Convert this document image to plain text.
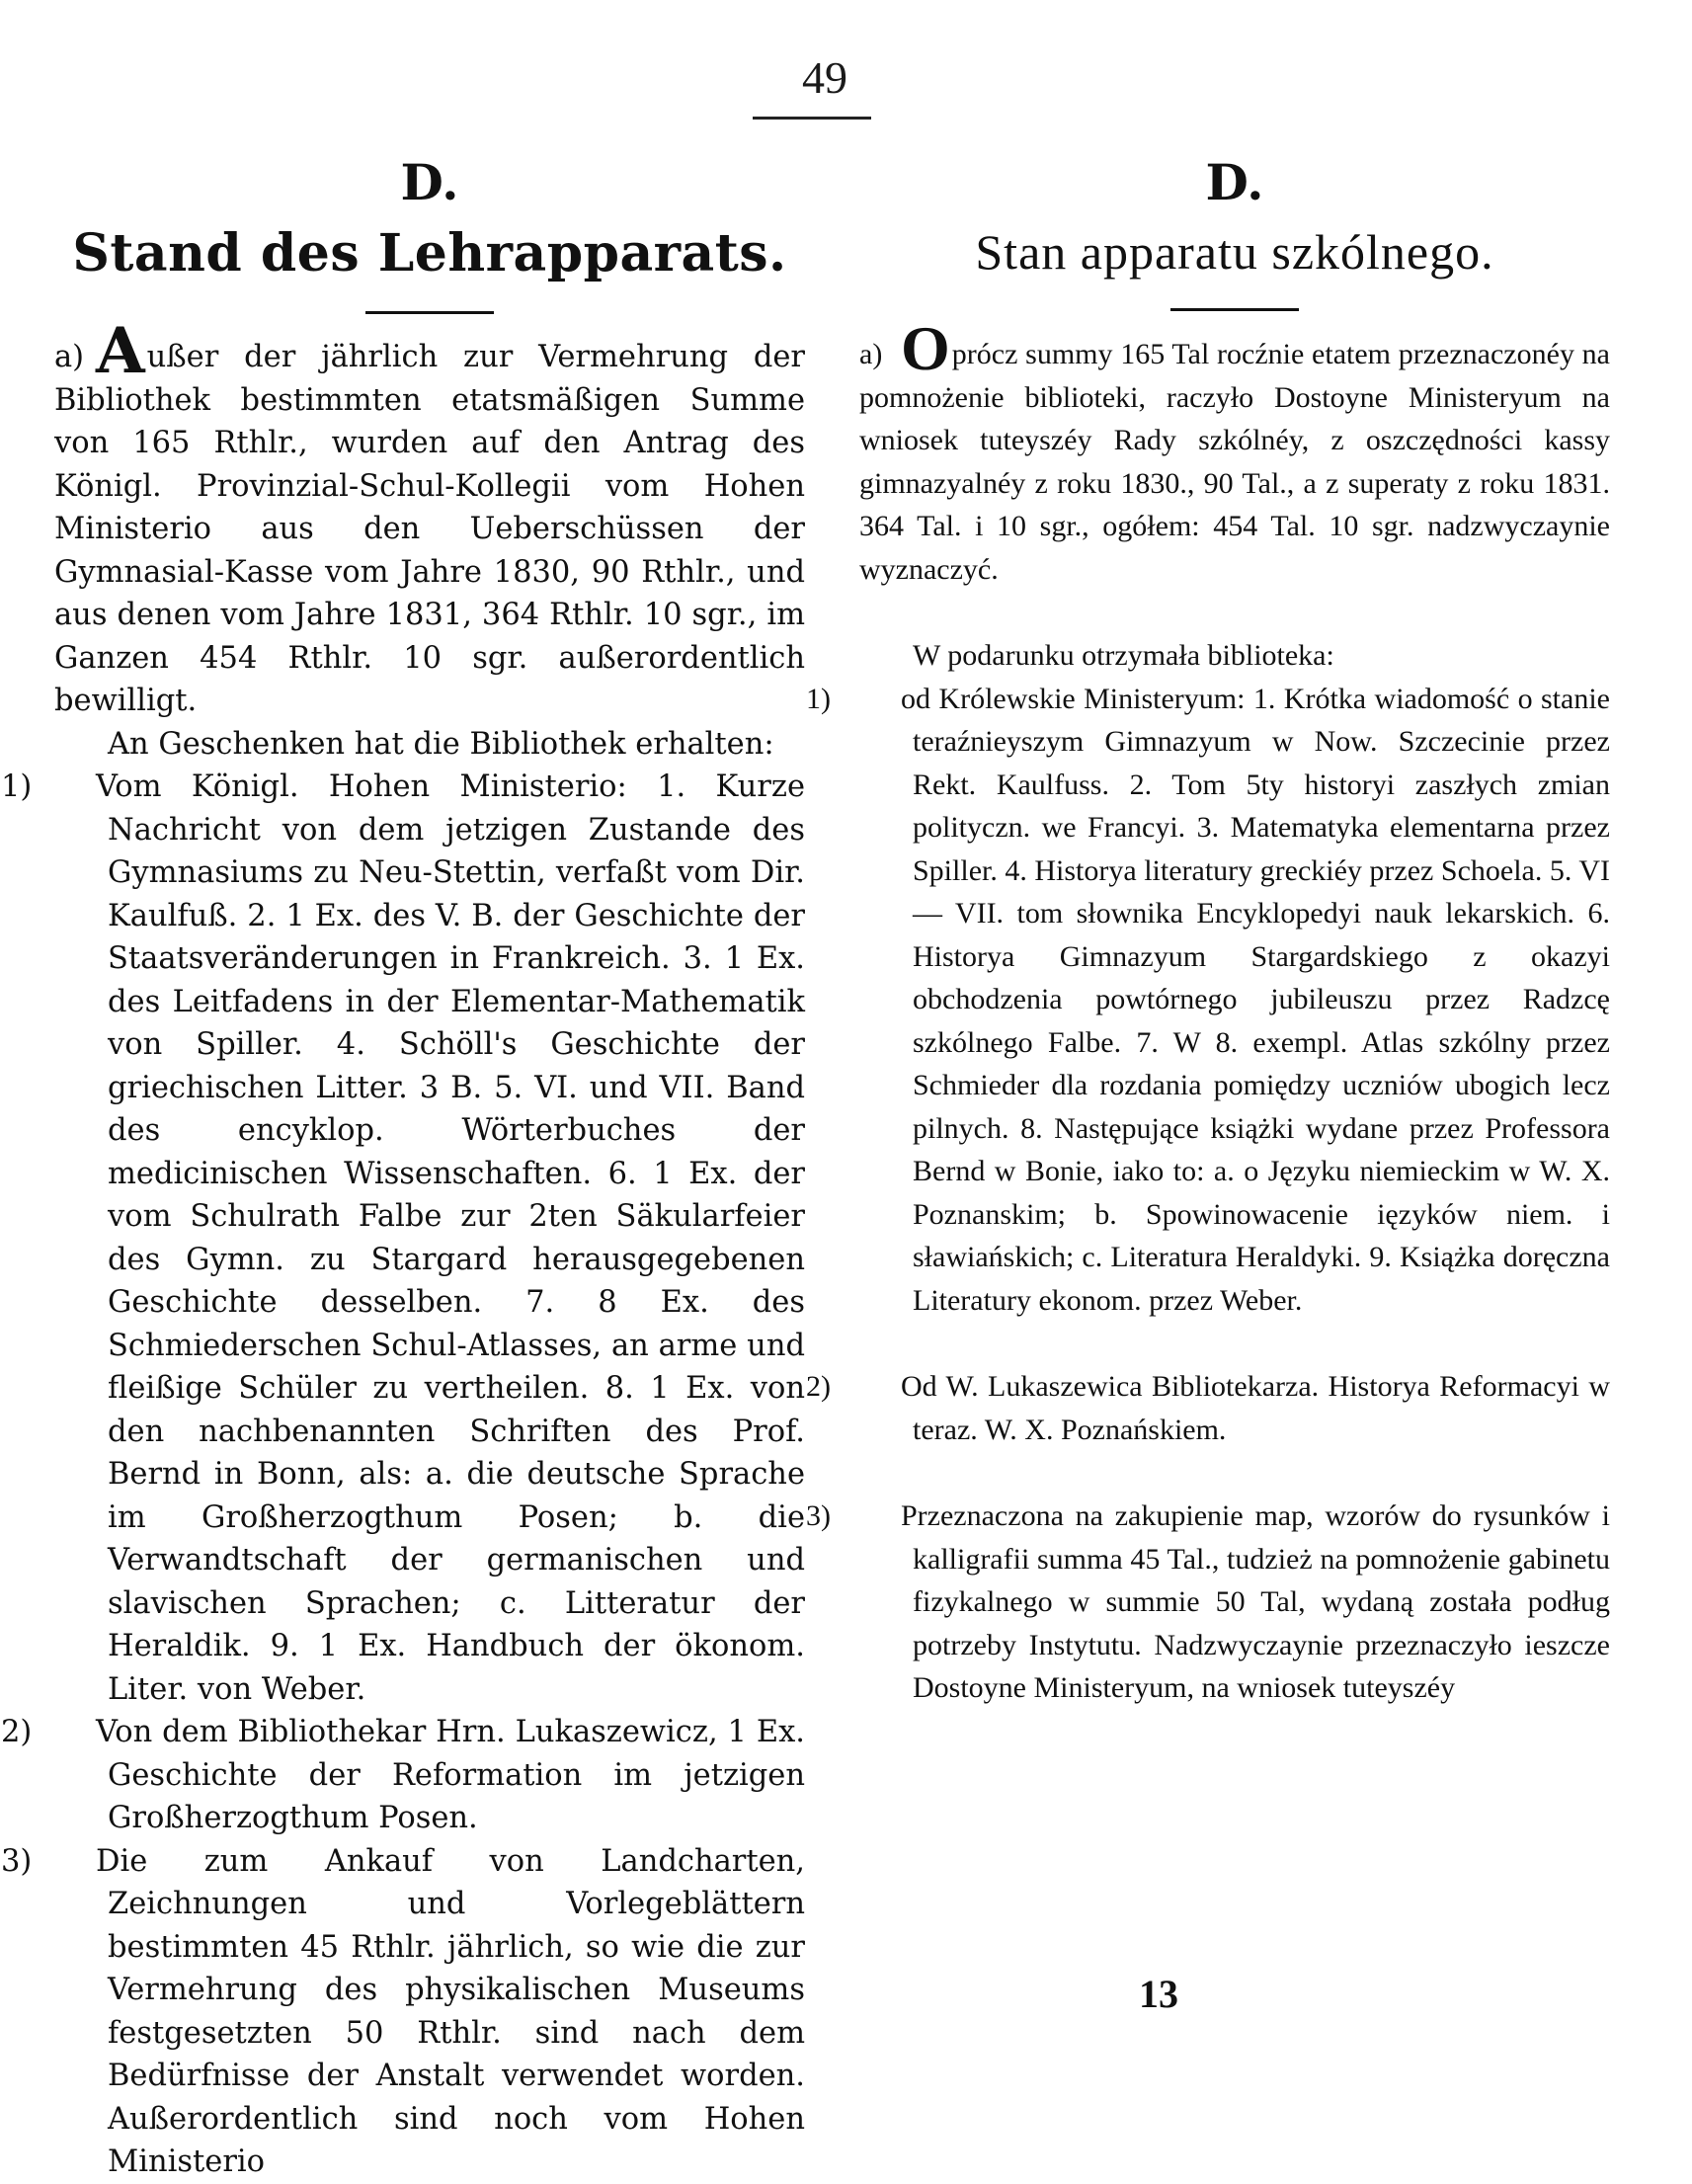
49
D.
Stand des Lehrapparats.

a) Außer der jährlich zur Vermehrung der Bibliothek bestimmten etatsmäßigen Summe von 165 Rthlr., wurden auf den Antrag des Königl. Provinzial-Schul-Kollegii vom Hohen Ministerio aus den Ueberschüssen der Gymnasial-Kasse vom Jahre 1830, 90 Rthlr., und aus denen vom Jahre 1831, 364 Rthlr. 10 sgr., im Ganzen 454 Rthlr. 10 sgr. außerordentlich bewilligt.

An Geschenken hat die Bibliothek erhalten:

1) Vom Königl. Hohen Ministerio: 1. Kurze Nachricht von dem jetzigen Zustande des Gymnasiums zu Neu-Stettin, verfaßt vom Dir. Kaulfuß. 2. 1 Ex. des V. B. der Geschichte der Staatsveränderungen in Frankreich. 3. 1 Ex. des Leitfadens in der Elementar-Mathematik von Spiller. 4. Schöll's Geschichte der griechischen Litter. 3 B. 5. VI. und VII. Band des encyklop. Wörterbuches der medicinischen Wissenschaften. 6. 1 Ex. der vom Schulrath Falbe zur 2ten Säkularfeier des Gymn. zu Stargard herausgegebenen Geschichte desselben. 7. 8 Ex. des Schmiederschen Schul-Atlasses, an arme und fleißige Schüler zu vertheilen. 8. 1 Ex. von den nachbenannten Schriften des Prof. Bernd in Bonn, als: a. die deutsche Sprache im Großherzogthum Posen; b. die Verwandtschaft der germanischen und slavischen Sprachen; c. Litteratur der Heraldik. 9. 1 Ex. Handbuch der ökonom. Liter. von Weber.

2) Von dem Bibliothekar Hrn. Lukaszewicz, 1 Ex. Geschichte der Reformation im jetzigen Großherzogthum Posen.

3) Die zum Ankauf von Landcharten, Zeichnungen und Vorlegeblättern bestimmten 45 Rthlr. jährlich, so wie die zur Vermehrung des physikalischen Museums festgesetzten 50 Rthlr. sind nach dem Bedürfnisse der Anstalt verwendet worden. Außerordentlich sind noch vom Hohen Ministerio

D.
Stan apparatu szkólnego.

a) Oprócz summy 165 Tal rocźnie etatem przeznaczonéy na pomnożenie biblioteki, raczyło Dostoyne Ministeryum na wniosek tuteyszéy Rady szkólnéy, z oszczędności kassy gimnazyalnéy z roku 1830., 90 Tal., a z superaty z roku 1831. 364 Tal. i 10 sgr., ogółem: 454 Tal. 10 sgr. nadzwyczaynie wyznaczyć.

W podarunku otrzymała biblioteka:

1) od Królewskie Ministeryum: 1. Krótka wiadomość o stanie teraźnieyszym Gimnazyum w Now. Szczecinie przez Rekt. Kaulfuss. 2. Tom 5ty historyi zaszłych zmian polityczn. we Francyi. 3. Matematyka elementarna przez Spiller. 4. Historya literatury greckiéy przez Schoela. 5. VI — VII. tom słownika Encyklopedyi nauk lekarskich. 6. Historya Gimnazyum Stargardskiego z okazyi obchodzenia powtórnego jubileuszu przez Radzcę szkólnego Falbe. 7. W 8. exempl. Atlas szkólny przez Schmieder dla rozdania pomiędzy uczniów ubogich lecz pilnych. 8. Następujące książki wydane przez Professora Bernd w Bonie, iako to: a. o Języku niemieckim w W. X. Poznanskim; b. Spowinowacenie ięzyków niem. i sławiańskich; c. Literatura Heraldyki. 9. Książka doręczna Literatury ekonom. przez Weber.

2) Od W. Lukaszewica Bibliotekarza. Historya Reformacyi w teraz. W. X. Poznańskiem.

3) Przeznaczona na zakupienie map, wzorów do rysunków i kalligrafii summa 45 Tal., tudzież na pomnożenie gabinetu fizykalnego w summie 50 Tal, wydaną została podług potrzeby Instytutu. Nadzwyczaynie przeznaczyło ieszcze Dostoyne Ministeryum, na wniosek tuteyszéy

13
